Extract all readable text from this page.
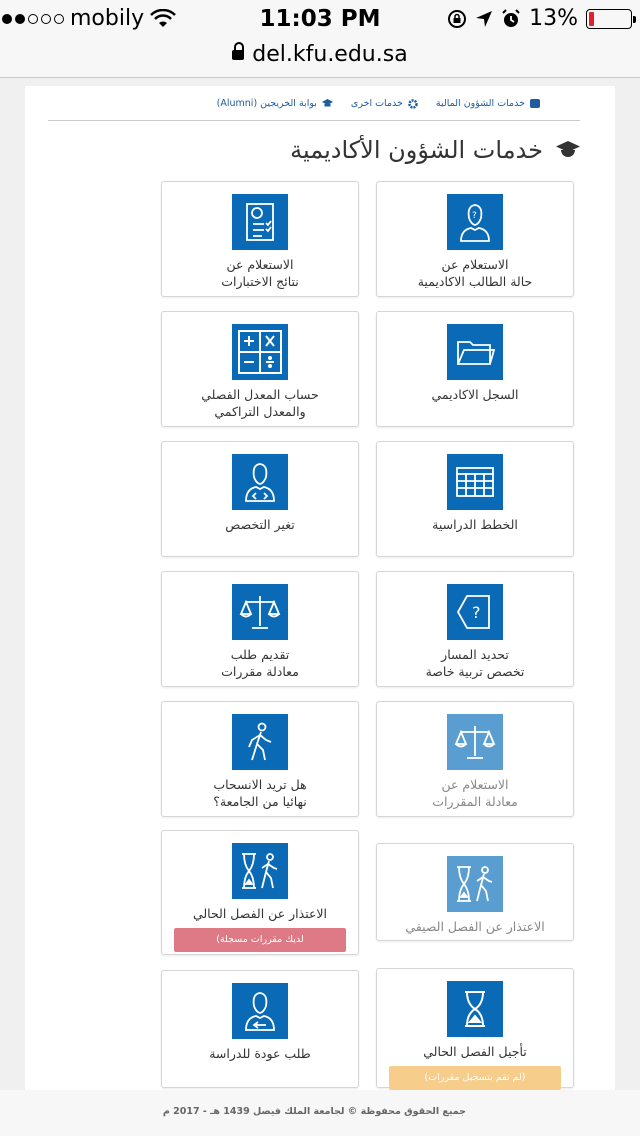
mobily	11:03 PM	13%
del.kfu.edu.sa
خدمات الشؤون المالية
خدمات اخرى
بوابة الخريجين (Alumni)
خدمات الشؤون الأكاديمية
?
الاستعلام عن
حالة الطالب الاكاديمية
الاستعلام عن
نتائج الاختبارات
السجل الاكاديمي
حساب المعدل الفصلي
والمعدل التراكمي
الخطط الدراسية
تغير التخصص
?
تحديد المسار
تخصص تربية خاصة
تقديم طلب
معادلة مقررات
الاستعلام عن
معادلة المقررات
هل تريد الانسحاب
نهائيا من الجامعة؟
الاعتذار عن الفصل الصيفي
الاعتذار عن الفصل الحالي
لديك مقررات مسجلة)
تأجيل الفصل الحالي
(لم تقم بتسجيل مقررات)
طلب عودة للدراسة
جميع الحقوق محفوظة © لجامعة الملك فيصل 1439 هـ - 2017 م
